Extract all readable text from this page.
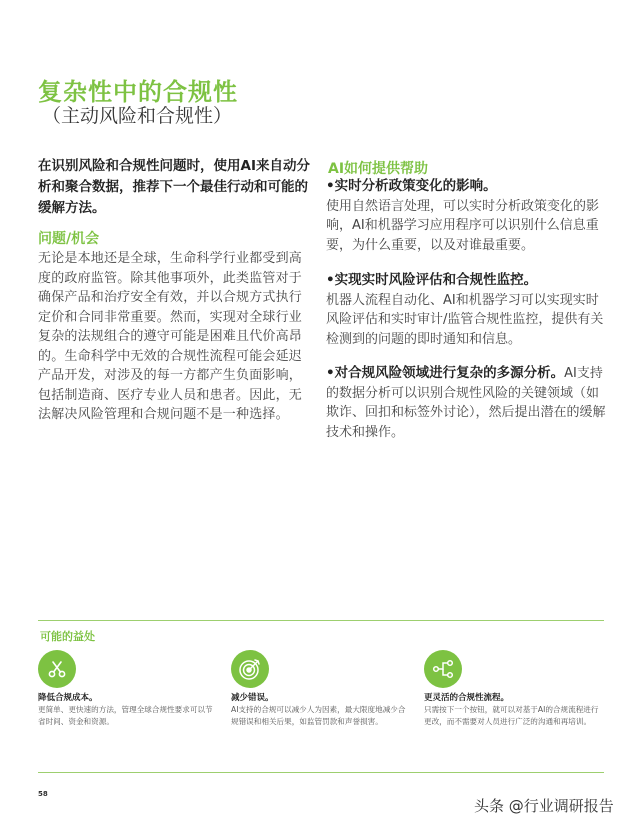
复杂性中的合规性
（主动风险和合规性）
在识别风险和合规性问题时，使用AI来自动分析和聚合数据，推荐下一个最佳行动和可能的缓解方法。
问题/机会
无论是本地还是全球，生命科学行业都受到高度的政府监管。除其他事项外，此类监管对于确保产品和治疗安全有效，并以合规方式执行定价和合同非常重要。然而，实现对全球行业复杂的法规组合的遵守可能是困难且代价高昂的。生命科学中无效的合规性流程可能会延迟产品开发，对涉及的每一方都产生负面影响，包括制造商、医疗专业人员和患者。因此，无法解决风险管理和合规问题不是一种选择。
AI如何提供帮助
•实时分析政策变化的影响。
使用自然语言处理，可以实时分析政策变化的影响，AI和机器学习应用程序可以识别什么信息重要，为什么重要，以及对谁最重要。
•实现实时风险评估和合规性监控。
机器人流程自动化、AI和机器学习可以实现实时风险评估和实时审计/监管合规性监控，提供有关检测到的问题的即时通知和信息。
•对合规风险领域进行复杂的多源分析。AI支持的数据分析可以识别合规性风险的关键领域（如欺诈、回扣和标签外讨论），然后提出潜在的缓解技术和操作。
可能的益处
降低合规成本。
更简单、更快速的方法，管理全球合规性要求可以节省时间、资金和资源。
减少错误。
AI支持的合规可以减少人为因素，最大限度地减少合规错误和相关后果，如监管罚款和声誉损害。
更灵活的合规性流程。
只需按下一个按钮，就可以对基于AI的合规流程进行更改，而不需要对人员进行广泛的沟通和再培训。
58
头条 @行业调研报告
